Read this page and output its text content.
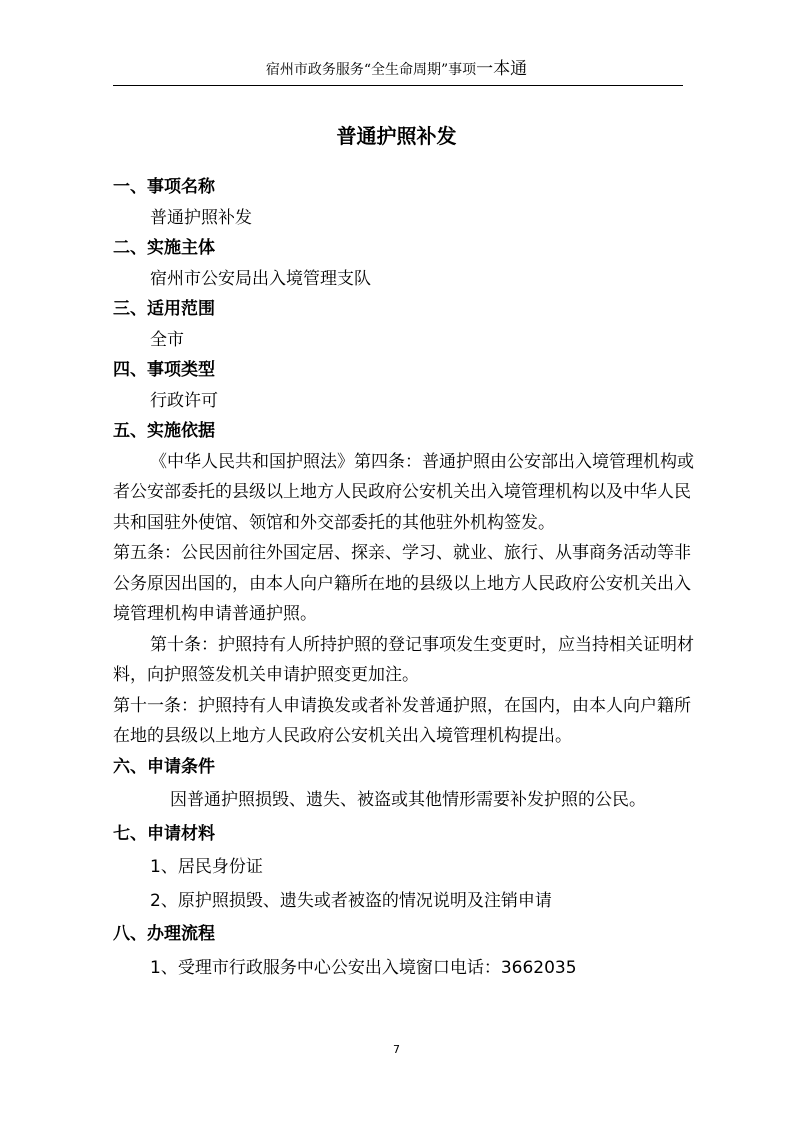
宿州市政务服务“全生命周期”事项一本通
普通护照补发
一、事项名称
普通护照补发
二、实施主体
宿州市公安局出入境管理支队
三、适用范围
全市
四、事项类型
行政许可
五、实施依据

《中华人民共和国护照法》第四条：普通护照由公安部出入境管理机构或者公安部委托的县级以上地方人民政府公安机关出入境管理机构以及中华人民共和国驻外使馆、领馆和外交部委托的其他驻外机构签发。

第五条：公民因前往外国定居、探亲、学习、就业、旅行、从事商务活动等非公务原因出国的，由本人向户籍所在地的县级以上地方人民政府公安机关出入境管理机构申请普通护照。

第十条：护照持有人所持护照的登记事项发生变更时，应当持相关证明材料，向护照签发机关申请护照变更加注。

第十一条：护照持有人申请换发或者补发普通护照，在国内，由本人向户籍所在地的县级以上地方人民政府公安机关出入境管理机构提出。

六、申请条件
因普通护照损毁、遗失、被盗或其他情形需要补发护照的公民。
七、申请材料
1、居民身份证
2、原护照损毁、遗失或者被盗的情况说明及注销申请
八、办理流程
1、受理市行政服务中心公安出入境窗口电话：3662035
7
